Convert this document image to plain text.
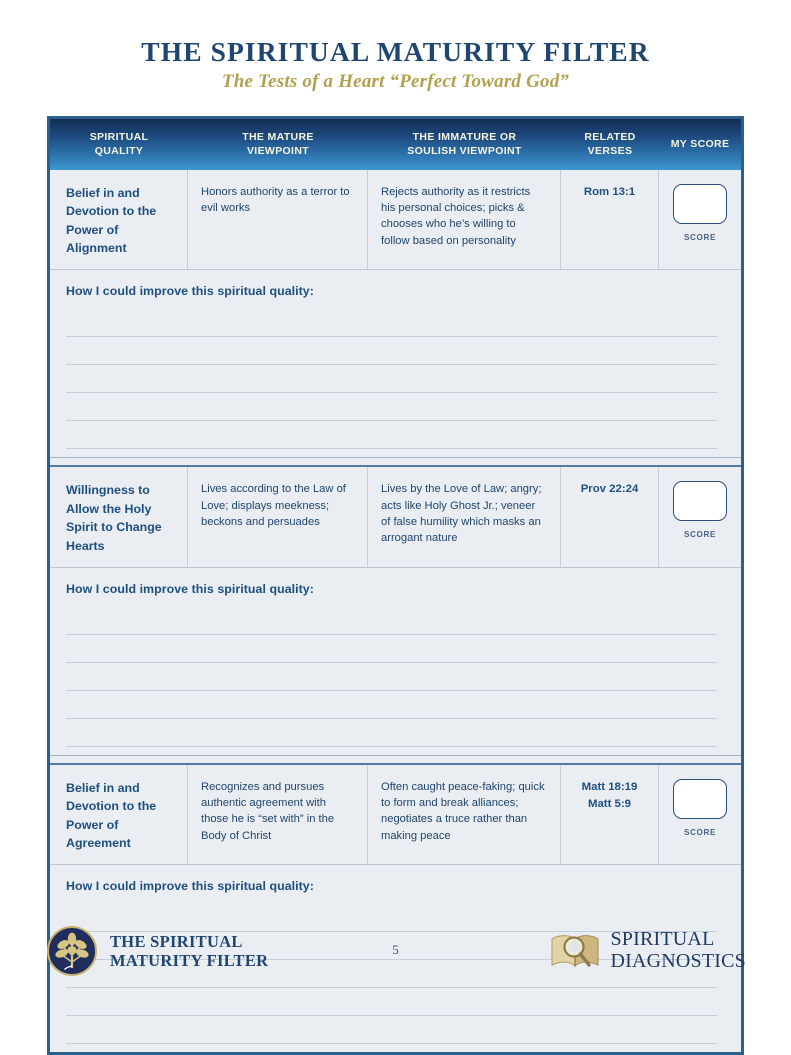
THE SPIRITUAL MATURITY FILTER
The Tests of a Heart “Perfect Toward God”
SPIRITUAL
QUALITY
THE MATURE
VIEWPOINT
THE IMMATURE OR
SOULISH VIEWPOINT
RELATED
VERSES
MY SCORE
Belief in and Devotion to the Power of Alignment
Honors authority as a terror to evil works
Rejects authority as it restricts his personal choices; picks & chooses who he’s willing to follow based on personality
Rom 13:1
SCORE
How I could improve this spiritual quality:
Willingness to Allow the Holy Spirit to Change Hearts
Lives according to the Law of Love; displays meekness; beckons and persuades
Lives by the Love of Law; angry; acts like Holy Ghost Jr.; veneer of false humility which masks an arrogant nature
Prov 22:24
SCORE
How I could improve this spiritual quality:
Belief in and Devotion to the Power of Agreement
Recognizes and pursues authentic agreement with those he is “set with” in the Body of Christ
Often caught peace-faking; quick to form and break alliances; negotiates a truce rather than making peace
Matt 18:19
Matt 5:9
SCORE
How I could improve this spiritual quality:
THE SPIRITUAL
MATURITY FILTER
5	SPIRITUAL
DIAGNOSTICS
